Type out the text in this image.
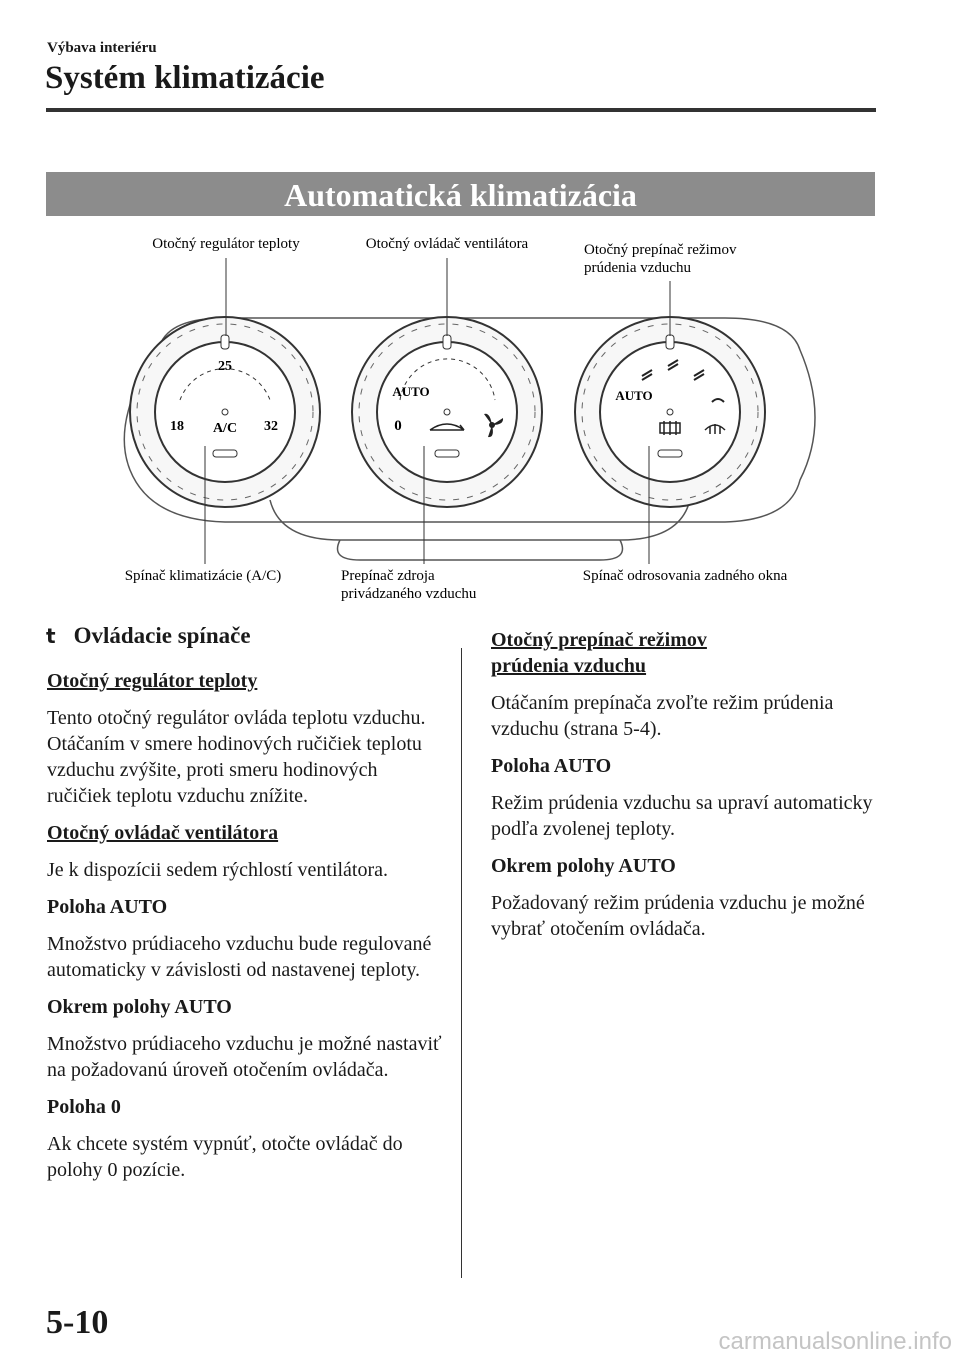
Výbava interiéru
Systém klimatizácie
Automatická klimatizácia
25
18	32
A/C
AUTO
0
AUTO
Otočný regulátor teploty	Otočný ovládač ventilátora	Otočný prepínač režimov
prúdenia vzduchu
Spínač klimatizácie (A/C)	Prepínač zdroja
privádzaného vzduchu
Spínač odrosovania zadného okna
t Ovládacie spínače

Otočný regulátor teploty

Tento otočný regulátor ovláda teplotu vzduchu. Otáčaním v smere hodinových ručičiek teplotu vzduchu zvýšite, proti smeru hodinových ručičiek teplotu vzduchu znížite.

Otočný ovládač ventilátora

Je k dispozícii sedem rýchlostí ventilátora.

Poloha AUTO

Množstvo prúdiaceho vzduchu bude regulované automaticky v závislosti od nastavenej teploty.

Okrem polohy AUTO

Množstvo prúdiaceho vzduchu je možné nastaviť na požadovanú úroveň otočením ovládača.

Poloha 0

Ak chcete systém vypnúť, otočte ovládač do polohy 0 pozície.

Otočný prepínač režimov

prúdenia vzduchu

Otáčaním prepínača zvoľte režim prúdenia vzduchu (strana 5-4).

Poloha AUTO

Režim prúdenia vzduchu sa upraví automaticky podľa zvolenej teploty.

Okrem polohy AUTO

Požadovaný režim prúdenia vzduchu je možné vybrať otočením ovládača.

5-10
carmanualsonline.info
